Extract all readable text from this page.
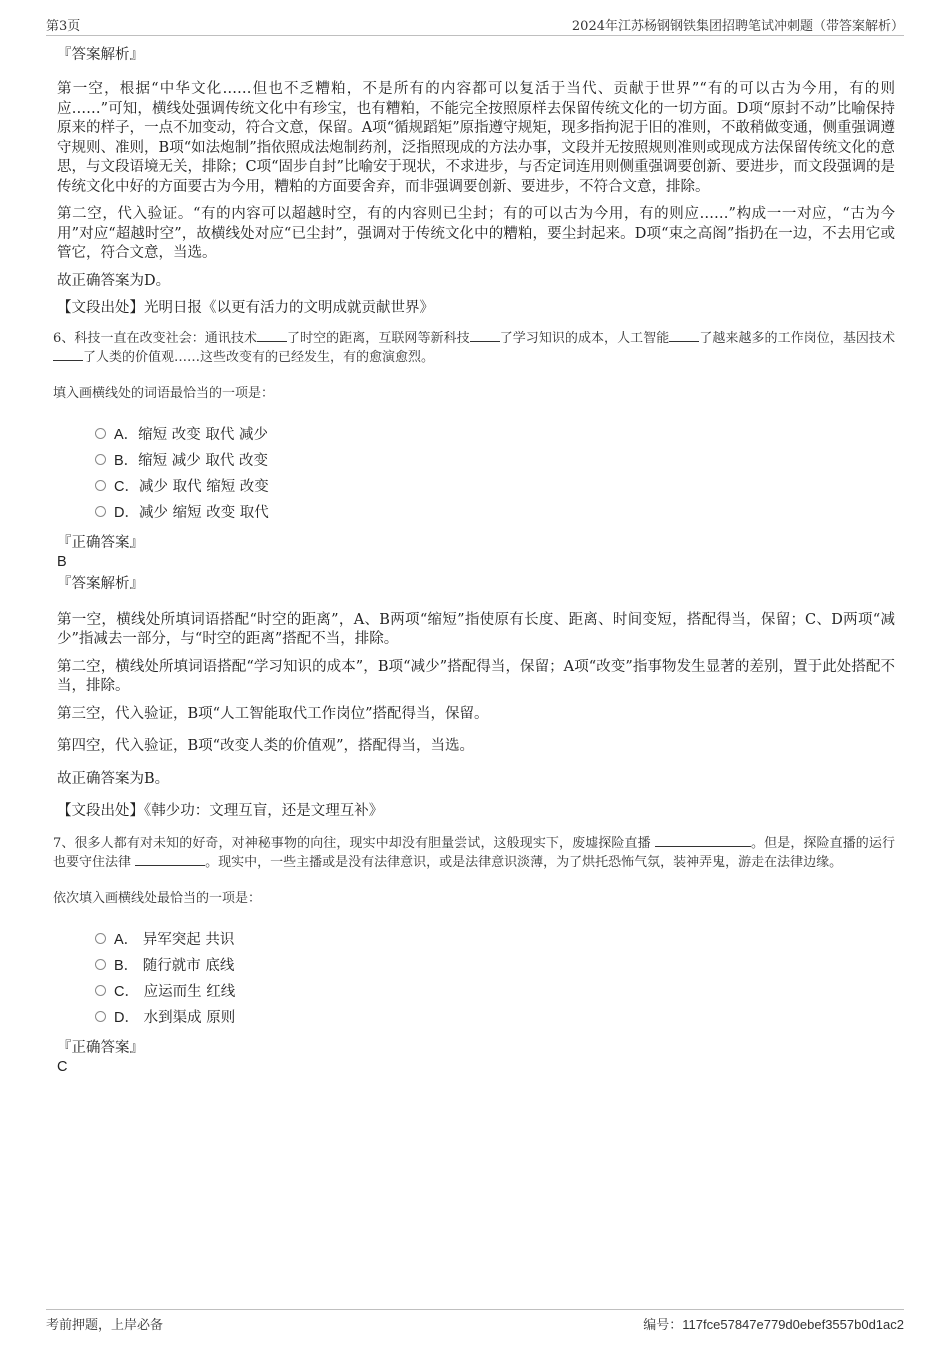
第3页	2024年江苏杨钢钢铁集团招聘笔试冲刺题（带答案解析）
『答案解析』

第一空，根据“中华文化……但也不乏糟粕，不是所有的内容都可以复活于当代、贡献于世界”“有的可以古为今用，有的则应……”可知，横线处强调传统文化中有珍宝，也有糟粕，不能完全按照原样去保留传统文化的一切方面。D项“原封不动”比喻保持原来的样子，一点不加变动，符合文意，保留。A项“循规蹈矩”原指遵守规矩，现多指拘泥于旧的准则，不敢稍做变通，侧重强调遵守规则、准则，B项“如法炮制”指依照成法炮制药剂，泛指照现成的方法办事，文段并无按照规则准则或现成方法保留传统文化的意思，与文段语境无关，排除；C项“固步自封”比喻安于现状，不求进步，与否定词连用则侧重强调要创新、要进步，而文段强调的是传统文化中好的方面要古为今用，糟粕的方面要舍弃，而非强调要创新、要进步，不符合文意，排除。

第二空，代入验证。“有的内容可以超越时空，有的内容则已尘封；有的可以古为今用，有的则应……”构成一一对应，“古为今用”对应“超越时空”，故横线处对应“已尘封”，强调对于传统文化中的糟粕，要尘封起来。D项“束之高阁”指扔在一边，不去用它或管它，符合文意，当选。

故正确答案为D。

【文段出处】光明日报《以更有活力的文明成就贡献世界》

6、科技一直在改变社会：通讯技术 了时空的距离，互联网等新科技 了学习知识的成本，人工智能 了越来越多的工作岗位，基因技术了人类的价值观……这些改变有的已经发生，有的愈演愈烈。

填入画横线处的词语最恰当的一项是：

A．缩短 改变 取代 减少
B．缩短 减少 取代 改变
C．减少 取代 缩短 改变
D．减少 缩短 改变 取代
『正确答案』
B
『答案解析』

第一空，横线处所填词语搭配“时空的距离”，A、B两项“缩短”指使原有长度、距离、时间变短，搭配得当，保留；C、D两项“减少”指减去一部分，与“时空的距离”搭配不当，排除。

第二空，横线处所填词语搭配“学习知识的成本”，B项“减少”搭配得当，保留；A项“改变”指事物发生显著的差别，置于此处搭配不当，排除。

第三空，代入验证，B项“人工智能取代工作岗位”搭配得当，保留。

第四空，代入验证，B项“改变人类的价值观”，搭配得当，当选。

故正确答案为B。

【文段出处】《韩少功：文理互盲，还是文理互补》

7、很多人都有对未知的好奇，对神秘事物的向往，现实中却没有胆量尝试，这般现实下，废墟探险直播	。但是，探险直播的运行也要守住法律	。现实中，一些主播或是没有法律意识，或是法律意识淡薄，为了烘托恐怖气氛，装神弄鬼，游走在法律边缘。

依次填入画横线处最恰当的一项是：

A． 异军突起 共识
B． 随行就市 底线
C． 应运而生 红线
D． 水到渠成 原则
『正确答案』
C
考前押题，上岸必备	编号：117fce57847e779d0ebef3557b0d1ac2
